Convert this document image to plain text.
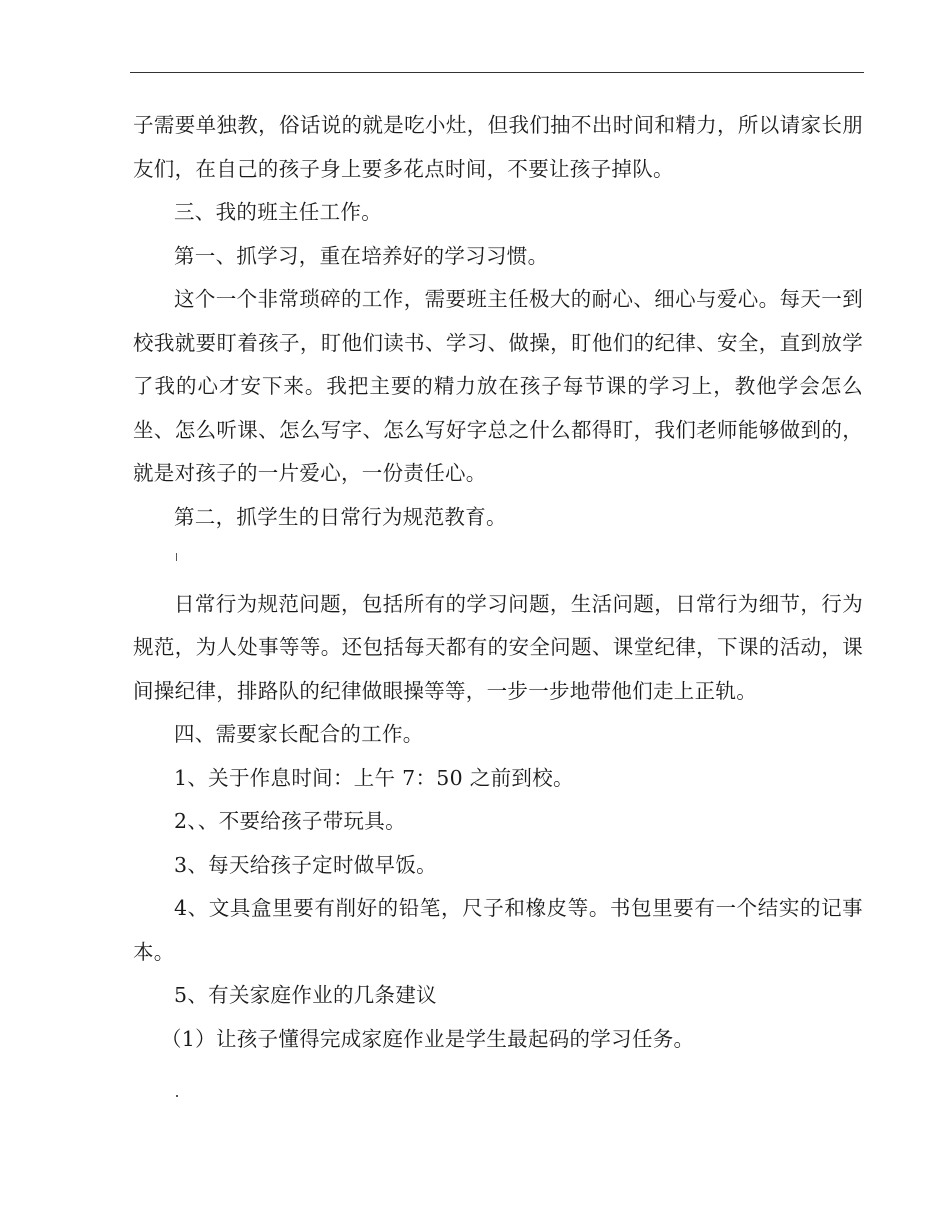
子需要单独教，俗话说的就是吃小灶，但我们抽不出时间和精力，所以请家长朋友们，在自己的孩子身上要多花点时间，不要让孩子掉队。

三、我的班主任工作。

第一、抓学习，重在培养好的学习习惯。

这个一个非常琐碎的工作，需要班主任极大的耐心、细心与爱心。每天一到校我就要盯着孩子，盯他们读书、学习、做操，盯他们的纪律、安全，直到放学了我的心才安下来。我把主要的精力放在孩子每节课的学习上，教他学会怎么坐、怎么听课、怎么写字、怎么写好字总之什么都得盯，我们老师能够做到的，就是对孩子的一片爱心，一份责任心。

第二，抓学生的日常行为规范教育。

日常行为规范问题，包括所有的学习问题，生活问题，日常行为细节，行为规范，为人处事等等。还包括每天都有的安全问题、课堂纪律，下课的活动，课间操纪律，排路队的纪律做眼操等等，一步一步地带他们走上正轨。

四、需要家长配合的工作。

1、关于作息时间：上午 7：50 之前到校。

2、、不要给孩子带玩具。

3、每天给孩子定时做早饭。

4、文具盒里要有削好的铅笔，尺子和橡皮等。书包里要有一个结实的记事本。

5、有关家庭作业的几条建议

（1）让孩子懂得完成家庭作业是学生最起码的学习任务。
